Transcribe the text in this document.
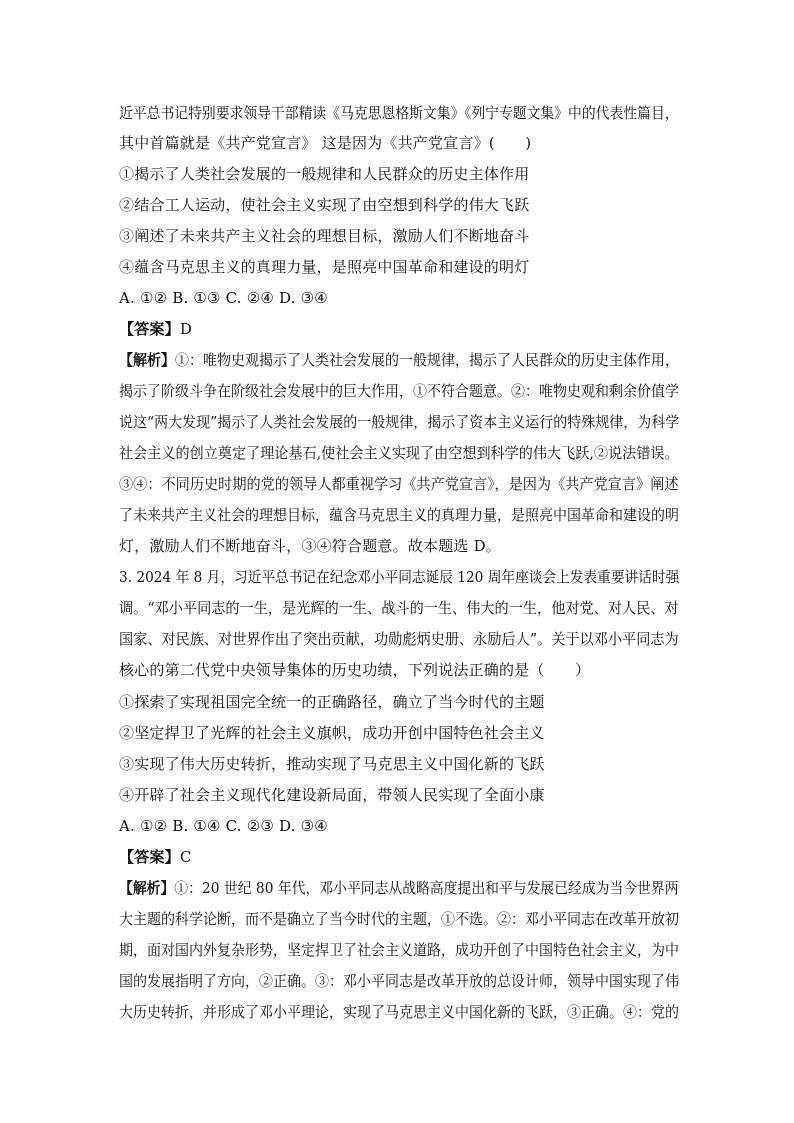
近平总书记特别要求领导干部精读《马克思恩格斯文集》《列宁专题文集》中的代表性篇目，
其中首篇就是《共产党宣言》 这是因为《共产党宣言》(　　)
①揭示了人类社会发展的一般规律和人民群众的历史主体作用
②结合工人运动，使社会主义实现了由空想到科学的伟大飞跃
③阐述了未来共产主义社会的理想目标，激励人们不断地奋斗
④蕴含马克思主义的真理力量，是照亮中国革命和建设的明灯
A. ①② B. ①③ C. ②④ D. ③④
【答案】D
【解析】①：唯物史观揭示了人类社会发展的一般规律，揭示了人民群众的历史主体作用，
揭示了阶级斗争在阶级社会发展中的巨大作用，①不符合题意。②：唯物史观和剩余价值学
说这“两大发现”揭示了人类社会发展的一般规律，揭示了资本主义运行的特殊规律，为科学
社会主义的创立奠定了理论基石,使社会主义实现了由空想到科学的伟大飞跃,②说法错误。
③④：不同历史时期的党的领导人都重视学习《共产党宣言》，是因为《共产党宣言》阐述
了未来共产主义社会的理想目标，蕴含马克思主义的真理力量，是照亮中国革命和建设的明
灯，激励人们不断地奋斗，③④符合题意。故本题选 D。
3. 2024 年 8 月，习近平总书记在纪念邓小平同志诞辰 120 周年座谈会上发表重要讲话时强
调。“邓小平同志的一生，是光辉的一生、战斗的一生、伟大的一生，他对党、对人民、对
国家、对民族、对世界作出了突出贡献，功勋彪炳史册、永励后人”。关于以邓小平同志为
核心的第二代党中央领导集体的历史功绩，下列说法正确的是（　　）
①探索了实现祖国完全统一的正确路径，确立了当今时代的主题
②坚定捍卫了光辉的社会主义旗帜，成功开创中国特色社会主义
③实现了伟大历史转折，推动实现了马克思主义中国化新的飞跃
④开辟了社会主义现代化建设新局面，带领人民实现了全面小康
A. ①② B. ①④ C. ②③ D. ③④
【答案】C
【解析】①：20 世纪 80 年代，邓小平同志从战略高度提出和平与发展已经成为当今世界两
大主题的科学论断，而不是确立了当今时代的主题，①不选。②：邓小平同志在改革开放初
期，面对国内外复杂形势，坚定捍卫了社会主义道路，成功开创了中国特色社会主义，为中
国的发展指明了方向，②正确。③：邓小平同志是改革开放的总设计师，领导中国实现了伟
大历史转折，并形成了邓小平理论，实现了马克思主义中国化新的飞跃，③正确。④：党的
